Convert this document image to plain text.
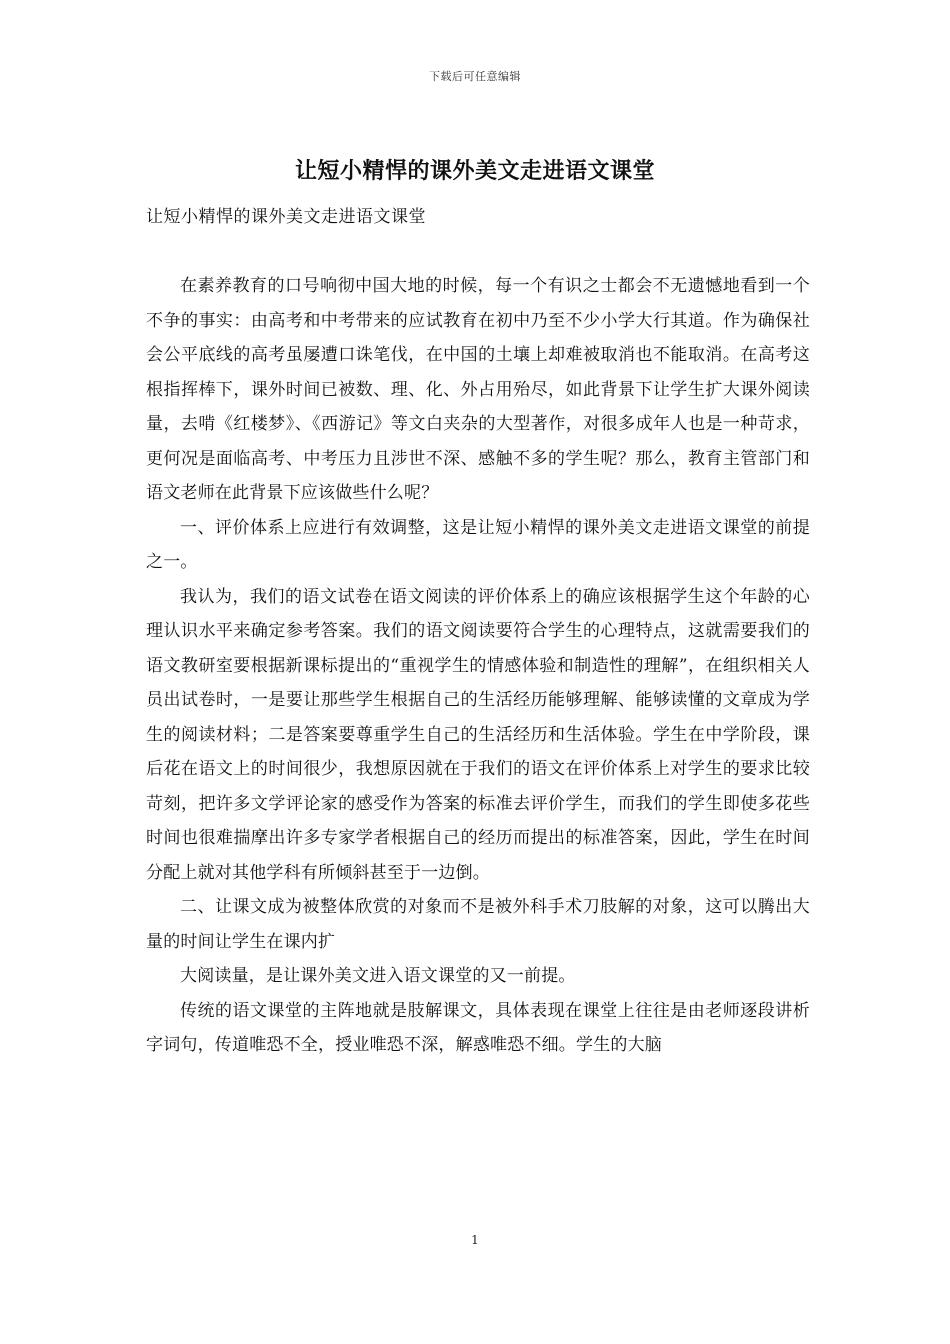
下载后可任意编辑
让短小精悍的课外美文走进语文课堂
让短小精悍的课外美文走进语文课堂

在素养教育的口号响彻中国大地的时候，每一个有识之士都会不无遗憾地看到一个不争的事实：由高考和中考带来的应试教育在初中乃至不少小学大行其道。作为确保社会公平底线的高考虽屡遭口诛笔伐，在中国的土壤上却难被取消也不能取消。在高考这根指挥棒下，课外时间已被数、理、化、外占用殆尽，如此背景下让学生扩大课外阅读量，去啃《红楼梦》、《西游记》等文白夹杂的大型著作，对很多成年人也是一种苛求，更何况是面临高考、中考压力且涉世不深、感触不多的学生呢？那么，教育主管部门和语文老师在此背景下应该做些什么呢？

一、评价体系上应进行有效调整，这是让短小精悍的课外美文走进语文课堂的前提之一。

我认为，我们的语文试卷在语文阅读的评价体系上的确应该根据学生这个年龄的心理认识水平来确定参考答案。我们的语文阅读要符合学生的心理特点，这就需要我们的语文教研室要根据新课标提出的“重视学生的情感体验和制造性的理解”，在组织相关人员出试卷时，一是要让那些学生根据自己的生活经历能够理解、能够读懂的文章成为学生的阅读材料；二是答案要尊重学生自己的生活经历和生活体验。学生在中学阶段，课后花在语文上的时间很少，我想原因就在于我们的语文在评价体系上对学生的要求比较苛刻，把许多文学评论家的感受作为答案的标准去评价学生，而我们的学生即使多花些时间也很难揣摩出许多专家学者根据自己的经历而提出的标准答案，因此，学生在时间分配上就对其他学科有所倾斜甚至于一边倒。

二、让课文成为被整体欣赏的对象而不是被外科手术刀肢解的对象，这可以腾出大量的时间让学生在课内扩

大阅读量，是让课外美文进入语文课堂的又一前提。

传统的语文课堂的主阵地就是肢解课文，具体表现在课堂上往往是由老师逐段讲析字词句，传道唯恐不全，授业唯恐不深，解惑唯恐不细。学生的大脑

1
